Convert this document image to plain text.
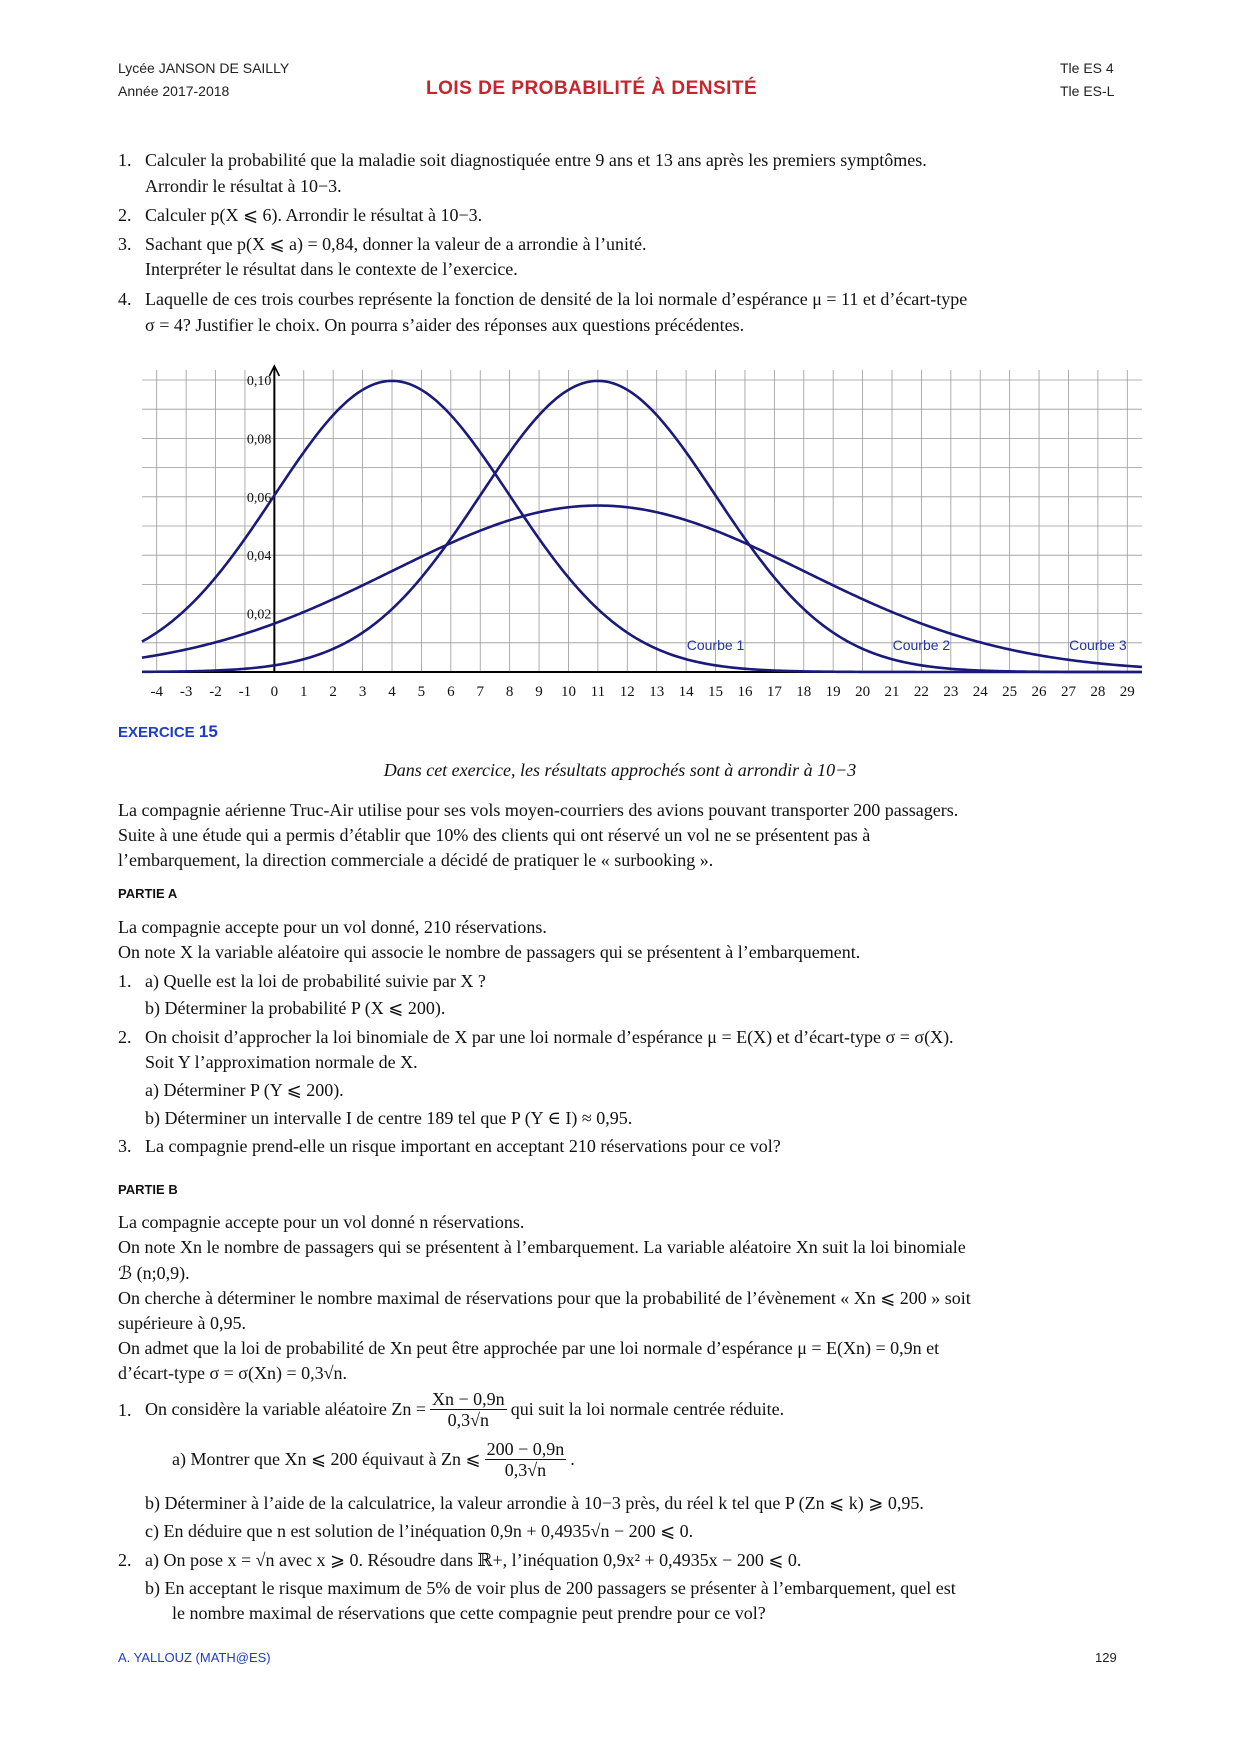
Lycée JANSON DE SAILLY
Année 2017-2018	LOIS DE PROBABILITÉ À DENSITÉ
Tle ES 4
Tle ES-L
1. Calculer la probabilité que la maladie soit diagnostiquée entre 9 ans et 13 ans après les premiers symptômes.
Arrondir le résultat à 10−3.
2. Calculer p(X ⩽ 6). Arrondir le résultat à 10−3.
3. Sachant que p(X ⩽ a) = 0,84, donner la valeur de a arrondie à l’unité.
Interpréter le résultat dans le contexte de l’exercice.
4. Laquelle de ces trois courbes représente la fonction de densité de la loi normale d’espérance μ = 11 et d’écart-type
σ = 4? Justifier le choix. On pourra s’aider des réponses aux questions précédentes.
0,02
0,04
0,06
0,08
0,10
-4 -3 -2 -1 0 1 2 3 4 5 6 7 8 9 10 11 12 13 14 15 16 17 18 19 20 21 22 23 24 25 26 27 28 29
Courbe 1	Courbe 2	Courbe 3
EXERCICE 15
Dans cet exercice, les résultats approchés sont à arrondir à 10−3
La compagnie aérienne Truc-Air utilise pour ses vols moyen-courriers des avions pouvant transporter 200 passagers.
Suite à une étude qui a permis d’établir que 10% des clients qui ont réservé un vol ne se présentent pas à
l’embarquement, la direction commerciale a décidé de pratiquer le « surbooking ».
PARTIE A
La compagnie accepte pour un vol donné, 210 réservations.
On note X la variable aléatoire qui associe le nombre de passagers qui se présentent à l’embarquement.
1. a) Quelle est la loi de probabilité suivie par X ?
b) Déterminer la probabilité P (X ⩽ 200).
2. On choisit d’approcher la loi binomiale de X par une loi normale d’espérance μ = E(X) et d’écart-type σ = σ(X).
Soit Y l’approximation normale de X.
a) Déterminer P (Y ⩽ 200).
b) Déterminer un intervalle I de centre 189 tel que P (Y ∈ I) ≈ 0,95.
3. La compagnie prend-elle un risque important en acceptant 210 réservations pour ce vol?
PARTIE B
La compagnie accepte pour un vol donné n réservations.
On note Xn le nombre de passagers qui se présentent à l’embarquement. La variable aléatoire Xn suit la loi binomiale
ℬ (n;0,9).
On cherche à déterminer le nombre maximal de réservations pour que la probabilité de l’évènement « Xn ⩽ 200 » soit
supérieure à 0,95.
On admet que la loi de probabilité de Xn peut être approchée par une loi normale d’espérance μ = E(Xn) = 0,9n et
d’écart-type σ = σ(Xn) = 0,3√n.
1. On considère la variable aléatoire $Zn = \frac{Xn - 0,9n}{0,3√n}$ qui suit la loi normale centrée réduite.
a) Montrer que Xn ⩽ 200 équivaut à Zn ⩽ $\frac{200 - 0,9n}{0,3√n}$ .
b) Déterminer à l’aide de la calculatrice, la valeur arrondie à 10−3 près, du réel k tel que P (Zn ⩽ k) ⩾ 0,95.
c) En déduire que n est solution de l’inéquation 0,9n + 0,4935√n − 200 ⩽ 0.
2. a) On pose x = √n avec x ⩾ 0. Résoudre dans ℝ+, l’inéquation 0,9x² + 0,4935x − 200 ⩽ 0.
b) En acceptant le risque maximum de 5% de voir plus de 200 passagers se présenter à l’embarquement, quel est
le nombre maximal de réservations que cette compagnie peut prendre pour ce vol?
A. YALLOUZ (MATH@ES)	129
